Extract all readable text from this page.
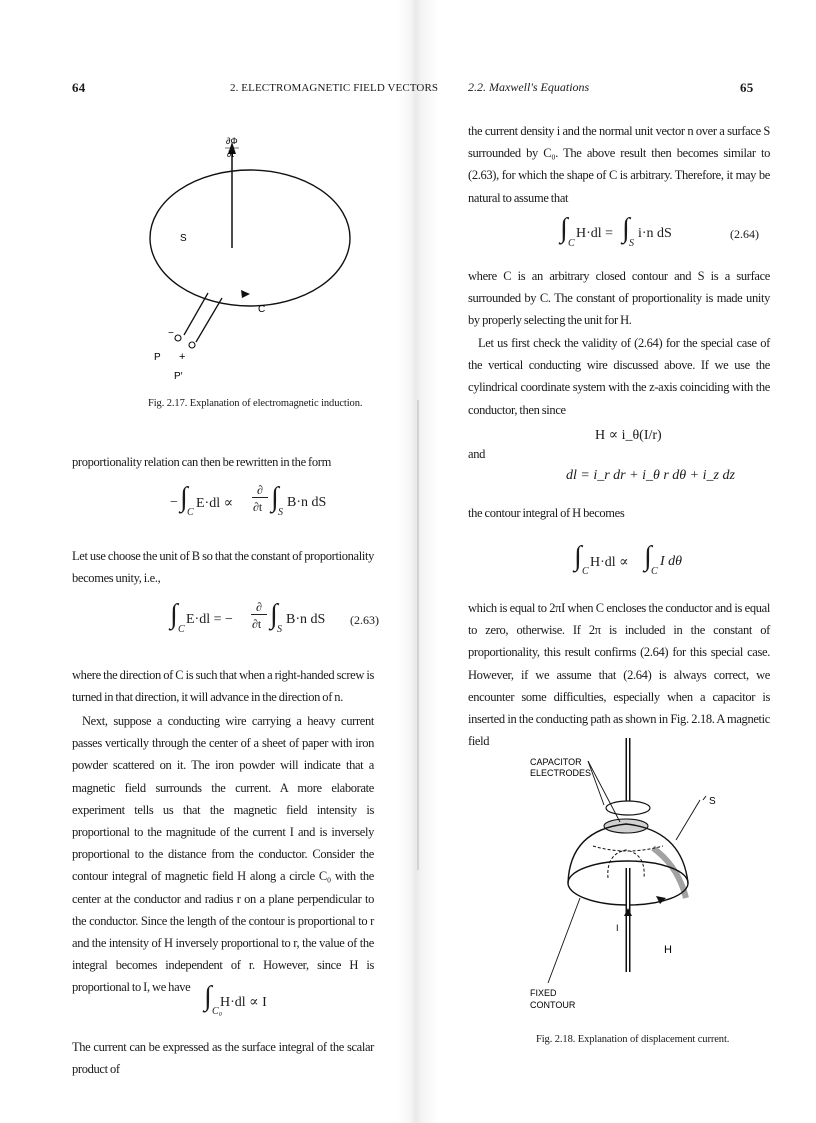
64	2. ELECTROMAGNETIC FIELD VECTORS
∂Φ
∂t
S
C
−
P +
P′
Fig. 2.17. Explanation of electromagnetic induction.
proportionality relation can then be rewritten in the form
− ∫ C
E·dl ∝
∂
∂t ∫ S
B·n dS
Let use choose the unit of B so that the constant of proportionality becomes unity, i.e.,
∫ C
E·dl = −
∂
∂t ∫ S
B·n dS (2.63)
where the direction of C is such that when a right-handed screw is turned in that direction, it will advance in the direction of n.
Next, suppose a conducting wire carrying a heavy current passes vertically through the center of a sheet of paper with iron powder scattered on it. The iron powder will indicate that a magnetic field surrounds the current. A more elaborate experiment tells us that the magnetic field intensity is proportional to the magnitude of the current I and is inversely proportional to the distance from the conductor. Consider the contour integral of magnetic field H along a circle C₀ with the center at the conductor and radius r on a plane perpendicular to the conductor. Since the length of the contour is proportional to r and the intensity of H inversely proportional to r, the value of the integral becomes independent of r. However, since H is proportional to I, we have ∫ C₀
H·dl ∝ I
The current can be expressed as the surface integral of the scalar product of
2.2. Maxwell's Equations	65
the current density i and the normal unit vector n over a surface S surrounded by C₀. The above result then becomes similar to (2.63), for which the shape of C is arbitrary. Therefore, it may be natural to assume that
∫ C
H·dl = ∫ S
i·n dS	(2.64)
where C is an arbitrary closed contour and S is a surface surrounded by C. The constant of proportionality is made unity by properly selecting the unit for H.
Let us first check the validity of (2.64) for the special case of the vertical conducting wire discussed above. If we use the cylindrical coordinate system with the z-axis coinciding with the conductor, then since
H ∝ i_θ(I/r)
and
dl = i_r dr + i_θ r dθ + i_z dz
the contour integral of H becomes
∫ C
H·dl ∝ ∫ C
I dθ
which is equal to 2πI when C encloses the conductor and is equal to zero, otherwise. If 2π is included in the constant of proportionality, this result confirms (2.64) for this special case. However, if we assume that (2.64) is always correct, we encounter some difficulties, especially when a capacitor is inserted in the conducting path as shown in Fig. 2.18. A magnetic field
CAPACITOR
ELECTRODES
S
I
H
FIXED
CONTOUR
Fig. 2.18. Explanation of displacement current.
